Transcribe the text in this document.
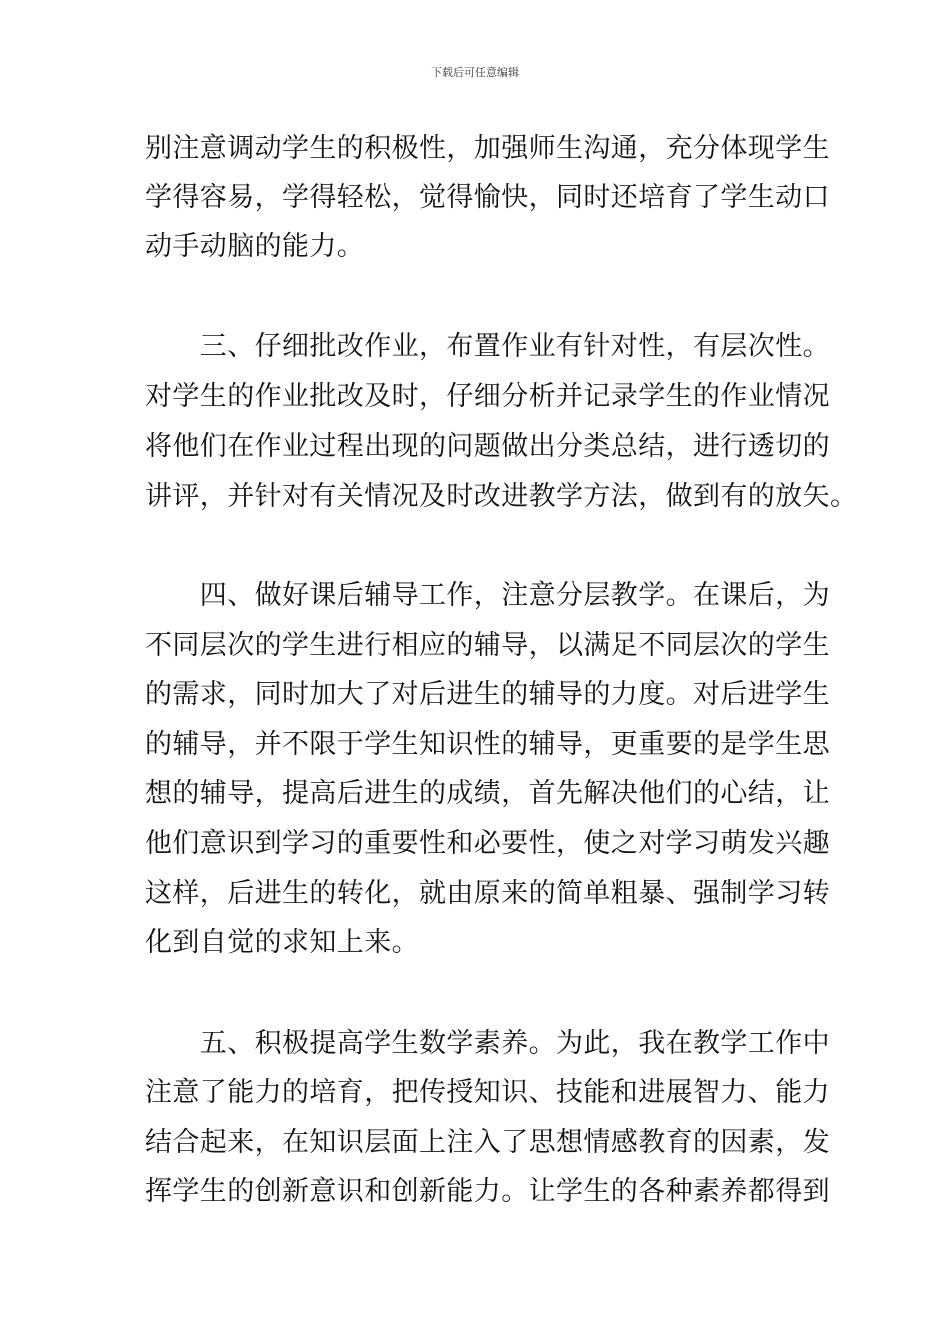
下载后可任意编辑
别注意调动学生的积极性，加强师生沟通，充分体现学生
学得容易，学得轻松，觉得愉快，同时还培育了学生动口
动手动脑的能力。
　　三、仔细批改作业，布置作业有针对性，有层次性。
对学生的作业批改及时，仔细分析并记录学生的作业情况
将他们在作业过程出现的问题做出分类总结，进行透切的
讲评，并针对有关情况及时改进教学方法，做到有的放矢。
　　四、做好课后辅导工作，注意分层教学。在课后，为
不同层次的学生进行相应的辅导，以满足不同层次的学生
的需求，同时加大了对后进生的辅导的力度。对后进学生
的辅导，并不限于学生知识性的辅导，更重要的是学生思
想的辅导，提高后进生的成绩，首先解决他们的心结，让
他们意识到学习的重要性和必要性，使之对学习萌发兴趣
这样，后进生的转化，就由原来的简单粗暴、强制学习转
化到自觉的求知上来。
　　五、积极提高学生数学素养。为此，我在教学工作中
注意了能力的培育，把传授知识、技能和进展智力、能力
结合起来，在知识层面上注入了思想情感教育的因素，发
挥学生的创新意识和创新能力。让学生的各种素养都得到
